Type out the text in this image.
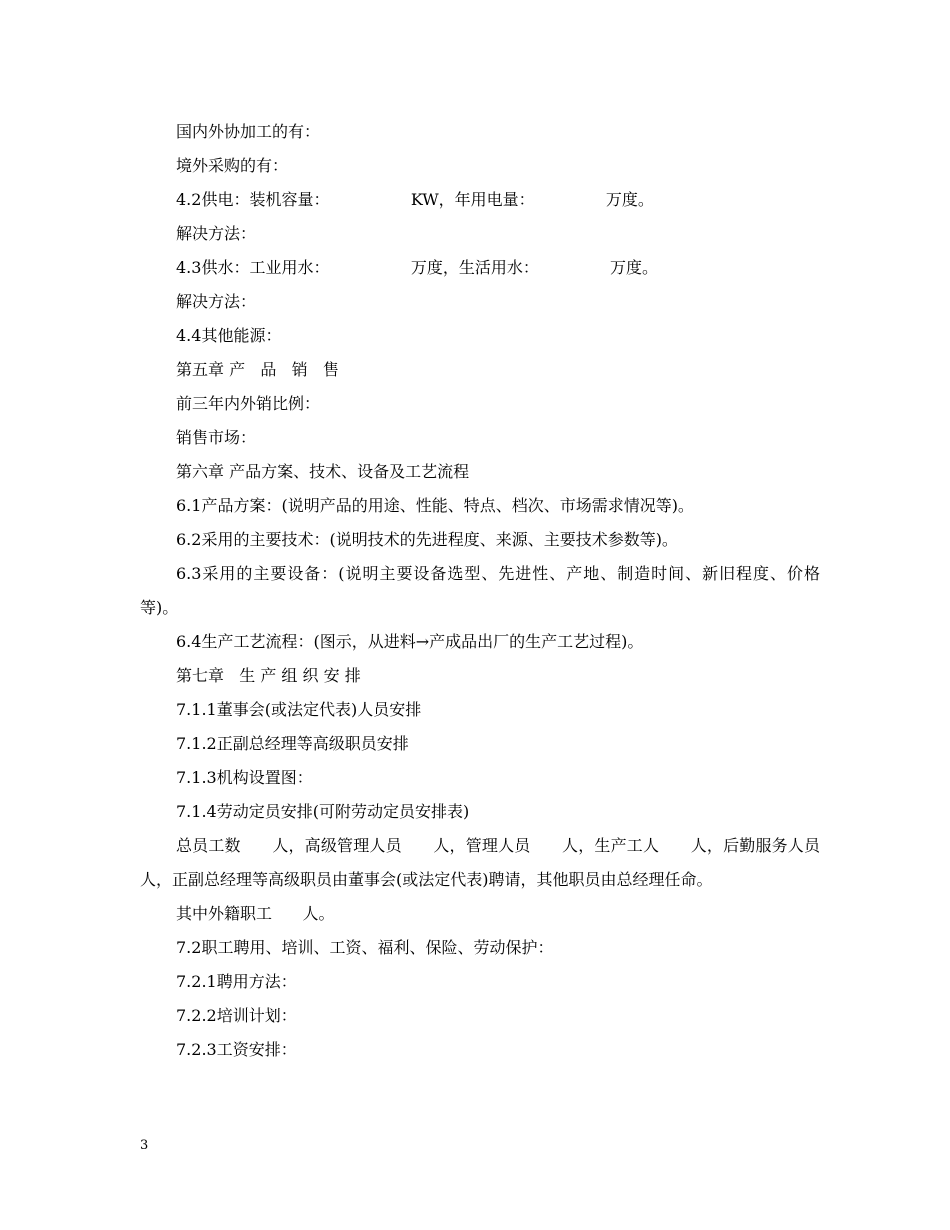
国内外协加工的有：

境外采购的有：

4.2供电：装机容量：                KW，年用电量：              万度。

解决方法：

4.3供水：工业用水：                万度，生活用水：              万度。

解决方法：

4.4其他能源：

第五章 产   品   销   售

前三年内外销比例：

销售市场：

第六章 产品方案、技术、设备及工艺流程

6.1产品方案：(说明产品的用途、性能、特点、档次、市场需求情况等)。

6.2采用的主要技术：(说明技术的先进程度、来源、主要技术参数等)。

6.3采用的主要设备：(说明主要设备选型、先进性、产地、制造时间、新旧程度、价格等)。

6.4生产工艺流程：(图示，从进料→产成品出厂的生产工艺过程)。

第七章   生 产 组 织 安 排

7.1.1董事会(或法定代表)人员安排

7.1.2正副总经理等高级职员安排

7.1.3机构设置图：

7.1.4劳动定员安排(可附劳动定员安排表)

总员工数      人，高级管理人员      人，管理人员      人，生产工人      人，后勤服务人员      人，正副总经理等高级职员由董事会(或法定代表)聘请，其他职员由总经理任命。

其中外籍职工      人。

7.2职工聘用、培训、工资、福利、保险、劳动保护：

7.2.1聘用方法：

7.2.2培训计划：

7.2.3工资安排：

3
